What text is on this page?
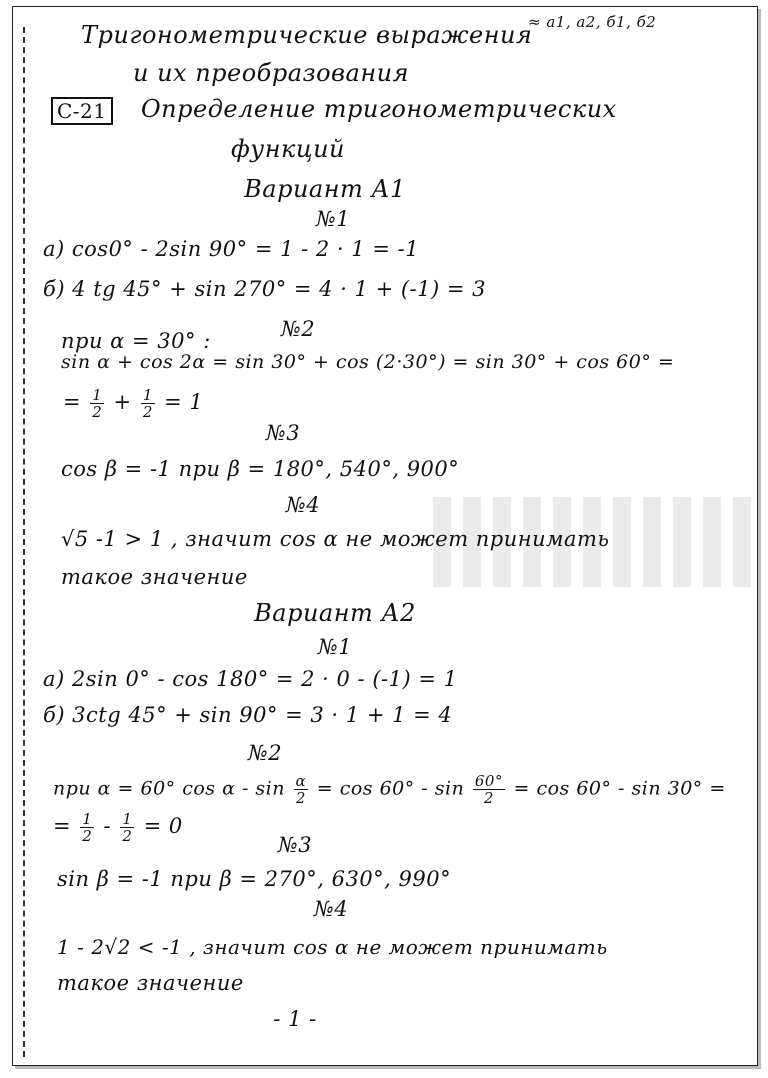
Тригонометрические выражения
≈ a1, a2, б1, б2
и их преобразования
С-21 Определение тригонометрических
функций
Вариант А1
№1
а) cos0° - 2sin 90° = 1 - 2 · 1 = -1
б) 4 tg 45° + sin 270° = 4 · 1 + (-1) = 3
№2
при α = 30° :
sin α + cos 2α = sin 30° + cos (2·30°) = sin 30° + cos 60° =
= $\frac{1}{2} + \frac{1}{2} = 1$
№3
cos β = -1 при β = 180°, 540°, 900°
№4
√5 -1 > 1 , значит cos α не может принимать
такое значение
Вариант А2
№1
а) 2sin 0° - cos 180° = 2 · 0 - (-1) = 1
б) 3ctg 45° + sin 90° = 3 · 1 + 1 = 4
№2
при α = 60° $\cos \alpha - \sin \frac{\alpha}{2} = \cos 60^\circ - \sin \frac{60^\circ}{2} = \cos 60^\circ - \sin 30^\circ$ =
= $\frac{1}{2} - \frac{1}{2} = 0$
№3
sin β = -1 при β = 270°, 630°, 990°
№4
1 - 2√2 < -1 , значит cos α не может принимать
такое значение
- 1 -
